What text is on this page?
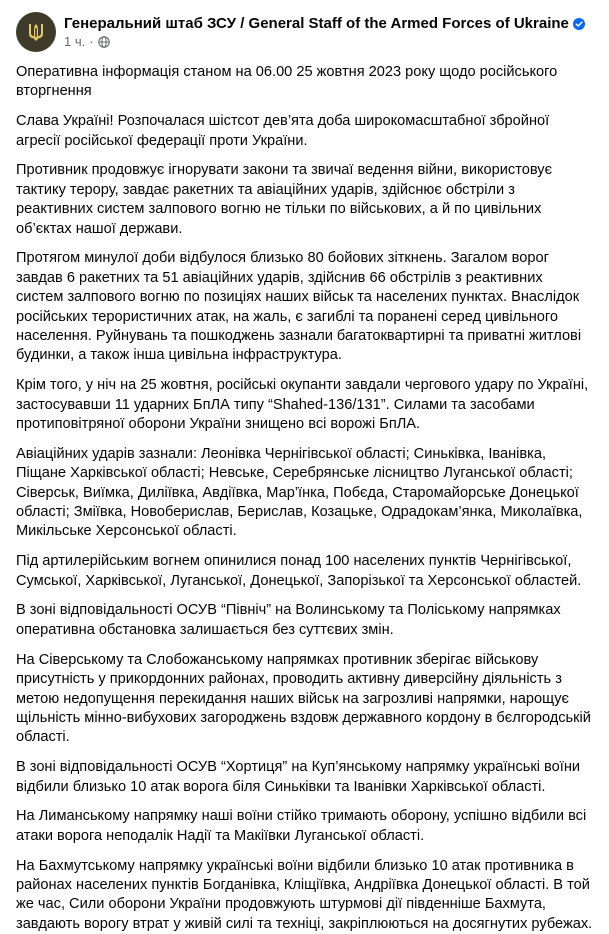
Генеральний штаб ЗСУ / General Staff of the Armed Forces of Ukraine
1 ч. ·

Оперативна інформація станом на 06.00 25 жовтня 2023 року щодо російського вторгнення

Слава Україні! Розпочалася шістсот дев’ята доба широкомасштабної збройної агресії російської федерації проти України.

Противник продовжує ігнорувати закони та звичаї ведення війни, використовує тактику терору, завдає ракетних та авіаційних ударів, здійснює обстріли з реактивних систем залпового вогню не тільки по військових, а й по цивільних об’єктах нашої держави.

Протягом минулої доби відбулося близько 80 бойових зіткнень. Загалом ворог завдав 6 ракетних та 51 авіаційних ударів, здійснив 66 обстрілів з реактивних систем залпового вогню по позиціях наших військ та населених пунктах. Внаслідок російських терористичних атак, на жаль, є загиблі та поранені серед цивільного населення. Руйнувань та пошкоджень зазнали багатоквартирні та приватні житлові будинки, а також інша цивільна інфраструктура.

Крім того, у ніч на 25 жовтня, російські окупанти завдали чергового удару по Україні, застосувавши 11 ударних БпЛА типу “Shahed-136/131”. Силами та засобами протиповітряної оборони України знищено всі ворожі БпЛА.

Авіаційних ударів зазнали: Леонівка Чернігівської області; Синьківка, Іванівка, Піщане Харківської області; Невське, Серебрянське лісництво Луганської області; Сіверськ, Виїмка, Диліївка, Авдіївка, Мар’їнка, Побєда, Старомайорське Донецької області; Зміївка, Новоберислав, Берислав, Козацьке, Одрадокам’янка, Миколаївка, Микільське Херсонської області.

Під артилерійським вогнем опинилися понад 100 населених пунктів Чернігівської, Сумської, Харківської, Луганської, Донецької, Запорізької та Херсонської областей.

В зоні відповідальності ОСУВ “Північ” на Волинському та Поліському напрямках оперативна обстановка залишається без суттєвих змін.

На Сіверському та Слобожанському напрямках противник зберігає військову присутність у прикордонних районах, проводить активну диверсійну діяльність з метою недопущення перекидання наших військ на загрозливі напрямки, нарощує щільність мінно-вибухових загороджень вздовж державного кордону в бєлгородській області.

В зоні відповідальності ОСУВ “Хортиця” на Куп’янському напрямку українські воїни відбили близько 10 атак ворога біля Синьківки та Іванівки Харківської області.

На Лиманському напрямку наші воїни стійко тримають оборону, успішно відбили всі атаки ворога неподалік Надії та Макіївки Луганської області.

На Бахмутському напрямку українські воїни відбили близько 10 атак противника в районах населених пунктів Богданівка, Кліщіївка, Андріївка Донецької області. В той же час, Сили оборони України продовжують штурмові дії південніше Бахмута, завдають ворогу втрат у живій силі та техніці, закріплюються на досягнутих рубежах.
